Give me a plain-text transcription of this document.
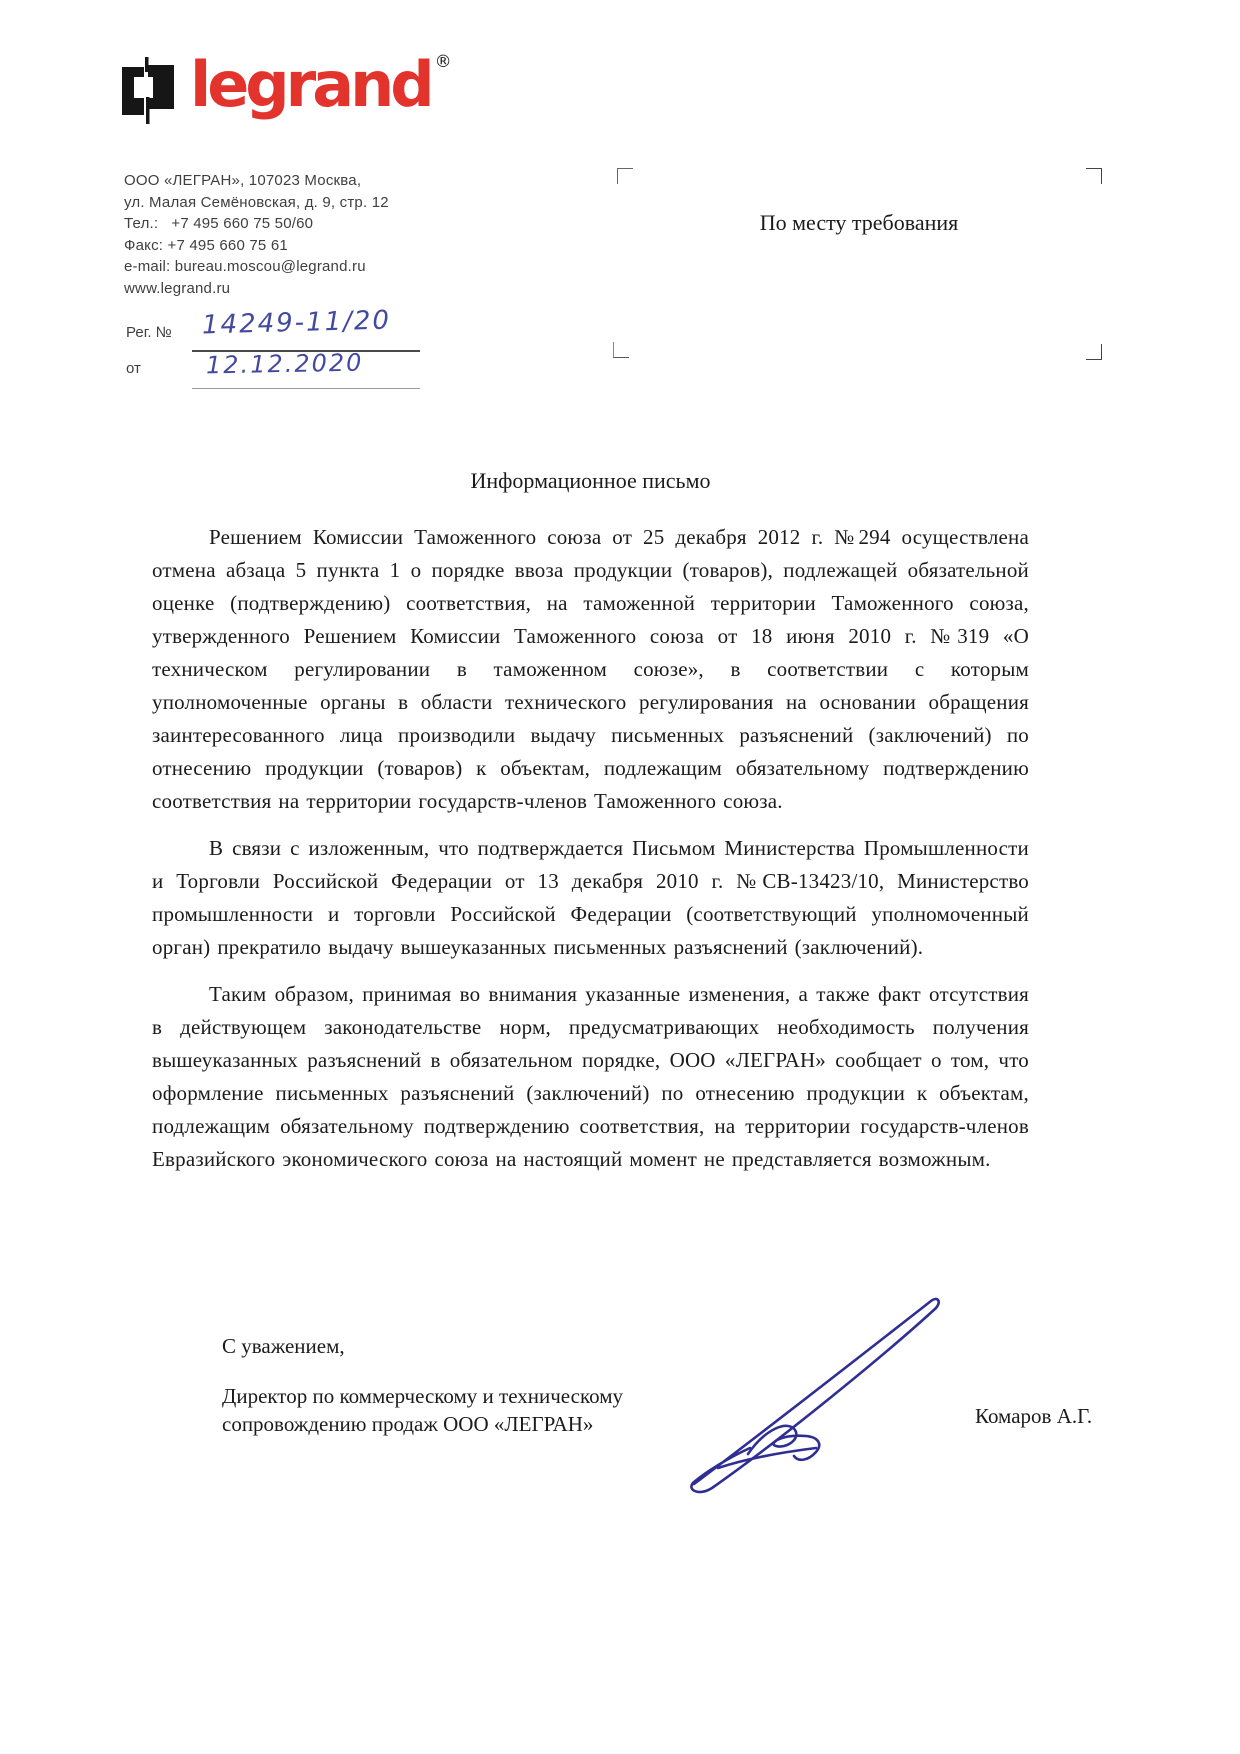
legrand ®
ООО «ЛЕГРАН», 107023 Москва,
ул. Малая Семёновская, д. 9, стр. 12
Тел.:   +7 495 660 75 50/60
Факс: +7 495 660 75 61
e-mail: bureau.moscou@legrand.ru
www.legrand.ru
Рег. № 14249-11/20
от	12.12.2020
По месту требования
Информационное письмо

Решением Комиссии Таможенного союза от 25 декабря 2012 г. №294 осуществлена отмена абзаца 5 пункта 1 о порядке ввоза продукции (товаров), подлежащей обязательной оценке (подтверждению) соответствия, на таможенной территории Таможенного союза, утвержденного Решением Комиссии Таможенного союза от 18 июня 2010 г. №319 «О техническом регулировании в таможенном союзе», в соответствии с которым уполномоченные органы в области технического регулирования на основании обращения заинтересованного лица производили выдачу письменных разъяснений (заключений) по отнесению продукции (товаров) к объектам, подлежащим обязательному подтверждению соответствия на территории государств-членов Таможенного союза.

В связи с изложенным, что подтверждается Письмом Министерства Промышленности и Торговли Российской Федерации от 13 декабря 2010 г. №СВ-13423/10, Министерство промышленности и торговли Российской Федерации (соответствующий уполномоченный орган) прекратило выдачу вышеуказанных письменных разъяснений (заключений).

Таким образом, принимая во внимания указанные изменения, а также факт отсутствия в действующем законодательстве норм, предусматривающих необходимость получения вышеуказанных разъяснений в обязательном порядке, ООО «ЛЕГРАН» сообщает о том, что оформление письменных разъяснений (заключений) по отнесению продукции к объектам, подлежащим обязательному подтверждению соответствия, на территории государств-членов Евразийского экономического союза на настоящий момент не представляется возможным.

С уважением,
Директор по коммерческому и техническому
сопровождению продаж ООО «ЛЕГРАН»	Комаров А.Г.
